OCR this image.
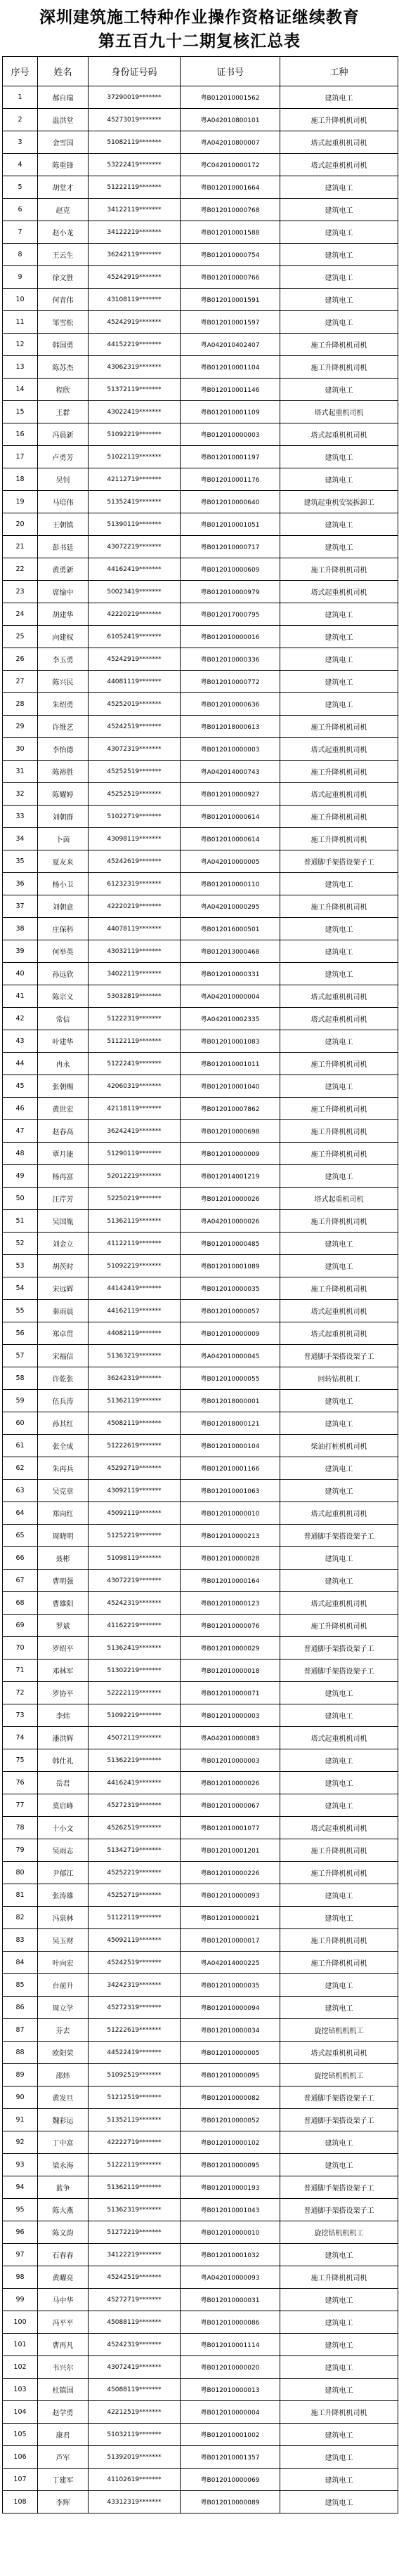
深圳建筑施工特种作业操作资格证继续教育
第五百九十二期复核汇总表
序号	姓名	身份证号码	证书号	工种
1	郝自瑞	37290019*******	粤B012010001562	建筑电工
2	温洪堂	45273019*******	粤A042010800101	施工升降机机司机
3	金雪国	51082119*******	粤A042010800007	塔式起重机机司机
4	陈重锋	53222419*******	粤C042010000172	塔式起重机机司机
5	胡堂才	51222119*******	粤B012010001664	建筑电工
6	赵克	34122119*******	粤B012010000768	建筑电工
7	赵小龙	34122219*******	粤B012010001588	建筑电工
8	王云生	36242119*******	粤B012010000754	建筑电工
9	徐文胜	45242919*******	粤B012010000766	建筑电工
10	何青伟	43108119*******	粤B012010001591	建筑电工
11	邹雪松	45242919*******	粤B012010001597	建筑电工
12	韩国勇	44152219*******	粤A042010402407	施工升降机机司机
13	陈苏杰	43062319*******	粤B012010001104	施工升降机机司机
14	程欣	51372119*******	粤B012010001146	建筑电工
15	王群	43022419*******	粤B012010001109	塔式起重机司机
16	冯晨新	51092219*******	粤B012010000003	塔式起重机机司机
17	卢勇芳	51022119*******	粤B012010001197	建筑电工
18	吴钊	42112719*******	粤B012010001176	建筑电工
19	马培伟	51352419*******	粤B012010000640	建筑起重机安装拆卸工
20	王朝镇	51390119*******	粤B012010001051	建筑电工
21	彭书廷	43072219*******	粤B012010000717	建筑电工
22	黄勇新	44162419*******	粤B012010000609	施工升降机机司机
23	席愉中	50023419*******	粤B012010000979	塔式起重机机司机
24	胡建华	42220219*******	粤B012017000795	建筑电工
25	向建权	61052419*******	粤B012010000016	建筑电工
26	李玉勇	45242919*******	粤B012010000336	建筑电工
27	陈兴民	44081119*******	粤B012010000772	建筑电工
28	朱绍勇	45252019*******	粤B012010000636	建筑电工
29	许维艺	45242519*******	粤B012018000613	施工升降机机司机
30	李怡德	43072319*******	粤B012010000003	塔式起重机机司机
31	陈裕胜	45252519*******	粤A042014000743	施工升降机机司机
32	陈耀婷	45252519*******	粤B012010000927	塔式起重机机司机
33	刘朝群	51022719*******	粤B012010000614	施工升降机机司机
34	卜茵	43098119*******	粤B012010000614	施工升降机机司机
35	夏友来	45242619*******	粤A042010000005	普通脚手架搭设架子工
36	杨小卫	61232319*******	粤B012010000110	建筑电工
37	刘朝意	42220219*******	粤A042010000295	施工升降机机司机
38	庄保科	44078119*******	粤B012016000501	建筑电工
39	何举英	43032119*******	粤B012013000468	建筑电工
40	孙远欣	34022119*******	粤B012010000331	建筑电工
41	陈宗义	53032819*******	粤A042010000004	塔式起重机机司机
42	常信	51222319*******	粤A042010002335	塔式起重机机司机
43	叶建华	51122119*******	粤B012010001083	建筑电工
44	冉永	51222419*******	粤B012010001011	施工升降机机司机
45	张朝赐	42060319*******	粤B012010001040	建筑电工
46	黄世宏	42118119*******	粤B012010007862	施工升降机机司机
47	赵春高	36242419*******	粤B012010000698	施工升降机机司机
48	覃月能	51290119*******	粤B012010000009	施工升降机机司机
49	杨再富	52012219*******	粤B012014001219	建筑电工
50	汪芹芳	52250219*******	粤B012010000026	塔式起重机司机
51	吴国胤	51362119*******	粤A042010000026	施工升降机机司机
52	刘金立	41122119*******	粤B012010000485	建筑电工
53	胡茨时	51092219*******	粤B012010001089	建筑电工
54	宋远辉	44142419*******	粤B012010000035	施工升降机机司机
55	秦雨晨	44162119*******	粤B012010000057	塔式起重机机司机
56	郑卓贯	44082119*******	粤B012010000009	塔式起重机机司机
57	宋福信	51363219*******	粤A042010000045	普通脚手架搭设架子工
58	许乾张	36242319*******	粤B012010000055	回转钻机机工
59	伍兵涛	51362119*******	粤B012018000001	建筑电工
60	孙其红	45082119*******	粤B012018000121	建筑电工
61	张全成	51222619*******	粤B012010000104	柴油打桩机机司机
62	朱再兵	45292719*******	粤B012010001166	建筑电工
63	吴克章	43092119*******	粤B012010001063	建筑电工
64	郑向红	45092119*******	粤B012010000010	塔式起重机机司机
65	周晓明	51252219*******	粤B012010000213	普通脚手架搭设架子工
66	聂彬	51098119*******	粤B012010000028	建筑电工
67	曹明强	43072219*******	粤B012010000164	建筑电工
68	曹雄阳	45242319*******	粤B012010000123	塔式起重机机司机
69	罗斌	41162219*******	粤B012010000076	施工升降机机司机
70	罗绍平	51362419*******	粤B012010000029	普通脚手架搭设架子工
71	邓林军	51302219*******	粤B012010000018	普通脚手架搭设架子工
72	罗协平	52222119*******	粤B012010000071	建筑电工
73	李炜	51092219*******	粤B012010000003	建筑电工
74	潘洪辉	45072119*******	粤A042010000083	塔式起重机机司机
75	韩仕礼	51362219*******	粤B012010000003	建筑电工
76	岳君	44162419*******	粤B012010000026	建筑电工
77	莫启峰	45272319*******	粤B012010000067	建筑电工
78	十小文	45262519*******	粤B012010001077	塔式起重机机司机
79	吴雨志	51342719*******	粤B012010001201	施工升降机机司机
80	尹郁江	45252219*******	粤B012010000226	施工升降机机司机
81	张涛雄	45252719*******	粤B012010000093	建筑电工
82	冯泉林	51122119*******	粤B012010000021	建筑电工
83	吴玉财	45092119*******	粤B012010000017	施工升降机机司机
84	叶向宏	45242519*******	粤A042014000225	施工升降机机司机
85	台前升	34242319*******	粤B012010000035	建筑电工
86	周立学	45272319*******	粤B012010000094	建筑电工
87	芬去	51222619*******	粤B012010000034	旋挖钻机机机工
88	欧阳荣	44522419*******	粤B012010000005	塔式起重机机司机
89	邵炜	51092519*******	粤B012010000095	旋挖钻机机机工
90	黄发旦	51212519*******	粤B012010000082	普通脚手架搭设架子工
91	魏彩运	51352119*******	粤B012010000052	普通脚手架搭设架子工
92	丁中富	42222719*******	粤B012010000102	建筑电工
93	梁永海	51222119*******	粤B012010000095	建筑电工
94	蓝争	51362119*******	粤B012010000193	普通脚手架搭设架子工
95	陈大燕	51362319*******	粤B012010001043	普通脚手架搭设架子工
96	陈文韵	51272219*******	粤B012010000010	旋挖钻机机机工
97	石春春	34122219*******	粤B012010001032	建筑电工
98	黄曜亮	45242519*******	粤A042010000093	施工升降机机司机
99	马中华	45272719*******	粤B012010000031	建筑电工
100	冯平平	45088119*******	粤B012010000086	建筑电工
101	曹再凡	45242319*******	粤B012010001114	建筑电工
102	韦兴尔	43072419*******	粤B012010000020	建筑电工
103	杜镇国	45088119*******	粤B012010000013	建筑电工
104	赵学勇	42212519*******	粤B012010000004	施工升降机机司机
105	康君	51032119*******	粤B012010001002	建筑电工
106	芦军	51392019*******	粤B012010001357	建筑电工
107	丁建军	41102619*******	粤B012010000069	建筑电工
108	李辉	43312319*******	粤B012010000089	建筑电工
